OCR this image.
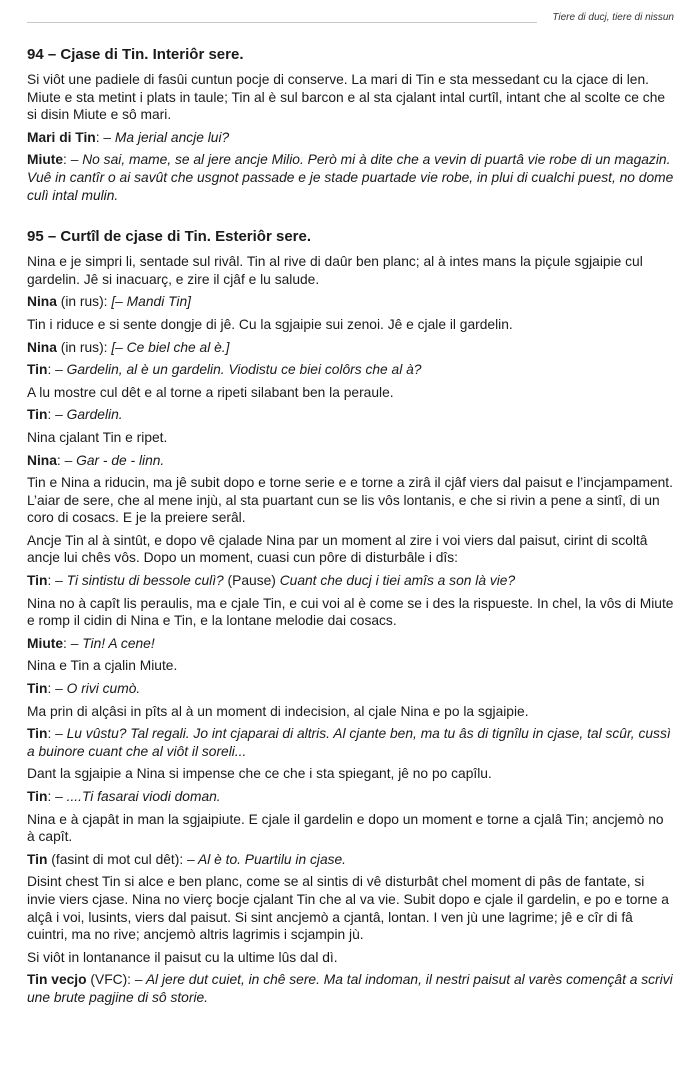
Tiere di ducj, tiere di nissun
94 – Cjase di Tin. Interiôr sere.

Si viôt une padiele di fasûi cuntun pocje di conserve. La mari di Tin e sta messedant cu la cjace di len. Miute e sta metint i plats in taule; Tin al è sul barcon e al sta cjalant intal curtîl, intant che al scolte ce che si disin Miute e sô mari.

Mari di Tin: – Ma jerial ancje lui?

Miute: – No sai, mame, se al jere ancje Milio. Però mi à dite che a vevin di puartâ vie robe di un magazin. Vuê in cantîr o ai savût che usgnot passade e je stade puartade vie robe, in plui di cualchi puest, no dome culì intal mulin.

95 – Curtîl de cjase di Tin. Esteriôr sere.

Nina e je simpri li, sentade sul rivâl. Tin al rive di daûr ben planc; al à intes mans la piçule sgjaipie cul gardelin. Jê si inacuarç, e zire il cjâf e lu salude.

Nina (in rus): [– Mandi Tin]

Tin i riduce e si sente dongje di jê. Cu la sgjaipie sui zenoi. Jê e cjale il gardelin.

Nina (in rus): [– Ce biel che al è.]

Tin: – Gardelin, al è un gardelin. Viodistu ce biei colôrs che al à?

A lu mostre cul dêt e al torne a ripeti silabant ben la peraule.

Tin: – Gardelin.

Nina cjalant Tin e ripet.

Nina: – Gar - de - linn.

Tin e Nina a riducin, ma jê subit dopo e torne serie e e torne a zirâ il cjâf viers dal paisut e l’incjampament. L’aiar de sere, che al mene injù, al sta puartant cun se lis vôs lontanis, e che si rivin a pene a sintî, di un coro di cosacs. E je la preiere serâl.

Ancje Tin al à sintût, e dopo vê cjalade Nina par un moment al zire i voi viers dal paisut, cirint di scoltâ ancje lui chês vôs. Dopo un moment, cuasi cun pôre di disturbâle i dîs:

Tin: – Ti sintistu di bessole culì? (Pause) Cuant che ducj i tiei amîs a son là vie?

Nina no à capît lis peraulis, ma e cjale Tin, e cui voi al è come se i des la rispueste. In chel, la vôs di Miute e romp il cidin di Nina e Tin, e la lontane melodie dai cosacs.

Miute: – Tin! A cene!

Nina e Tin a cjalin Miute.

Tin: – O rivi cumò.

Ma prin di alçâsi in pîts al à un moment di indecision, al cjale Nina e po la sgjaipie.

Tin: – Lu vûstu? Tal regali. Jo int cjaparai di altris. Al cjante ben, ma tu âs di tignîlu in cjase, tal scûr, cussì a buinore cuant che al viôt il soreli...

Dant la sgjaipie a Nina si impense che ce che i sta spiegant, jê no po capîlu.

Tin: – ....Ti fasarai viodi doman.

Nina e à cjapât in man la sgjaipiute. E cjale il gardelin e dopo un moment e torne a cjalâ Tin; ancjemò no à capît.

Tin (fasint di mot cul dêt): – Al è to. Puartilu in cjase.

Disint chest Tin si alce e ben planc, come se al sintis di vê disturbât chel moment di pâs de fantate, si invie viers cjase. Nina no vierç bocje cjalant Tin che al va vie. Subit dopo e cjale il gardelin, e po e torne a alçâ i voi, lusints, viers dal paisut. Si sint ancjemò a cjantâ, lontan. I ven jù une lagrime; jê e cîr di fâ cuintri, ma no rive; ancjemò altris lagrimis i scjampin jù.

Si viôt in lontanance il paisut cu la ultime lûs dal dì.

Tin vecjo (VFC): – Al jere dut cuiet, in chê sere. Ma tal indoman, il nestri paisut al varès començât a scrivi une brute pagjine di sô storie.
